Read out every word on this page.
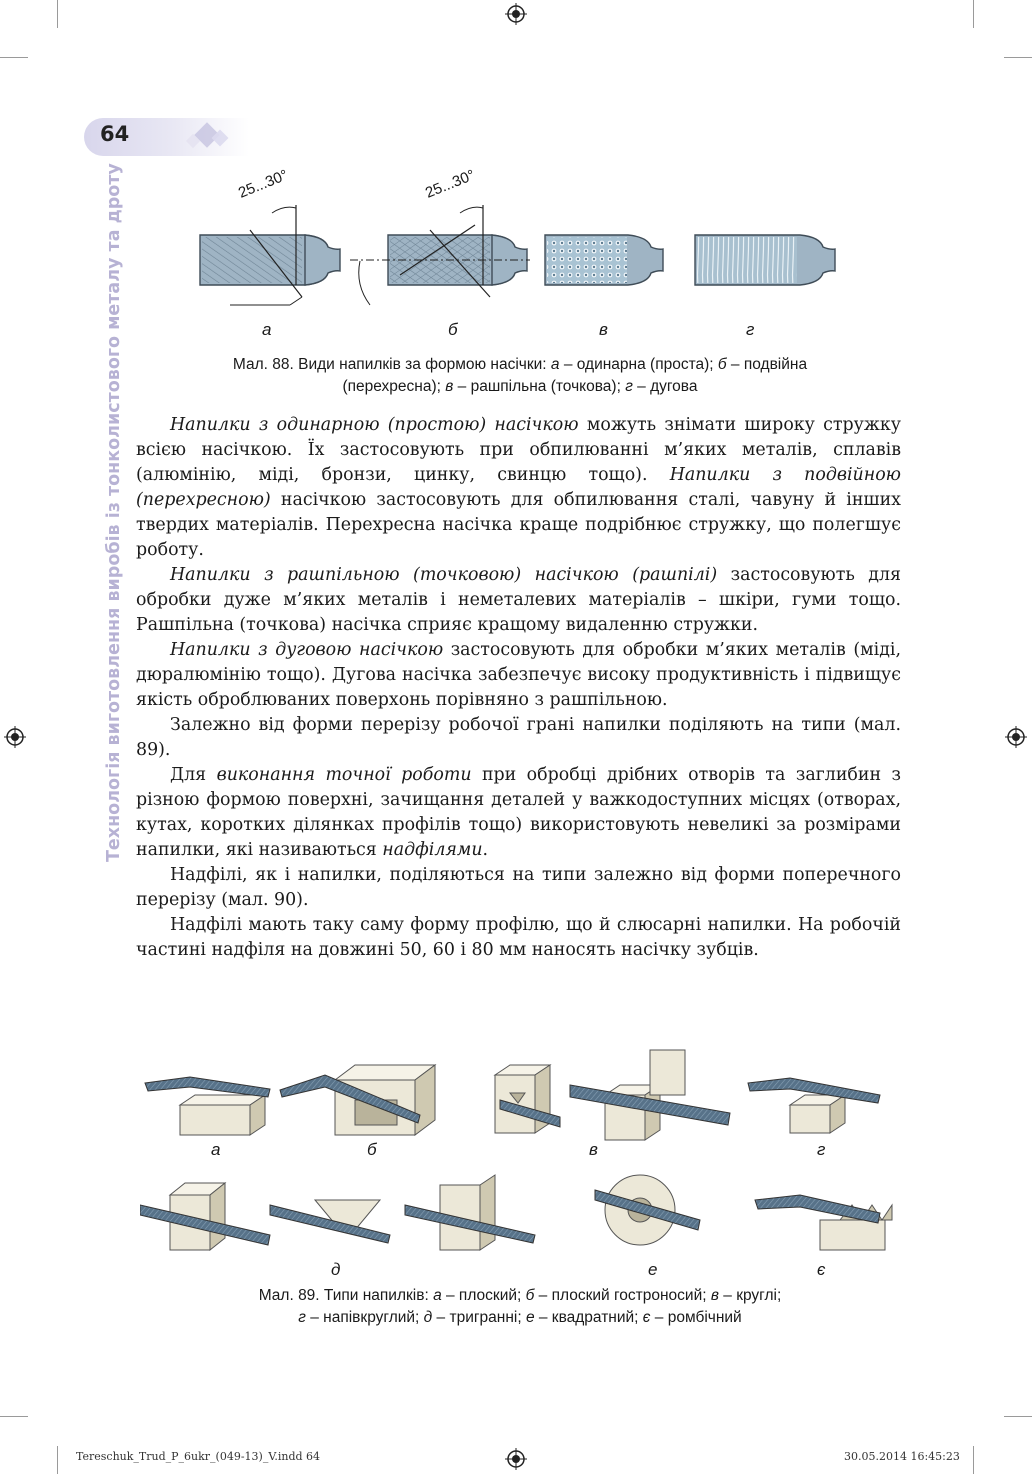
64
Технологія виготовлення виробів із тонколистового металу та дроту	25...30°	25...30°
а	б	в	г
Мал. 88. Види напилків за формою насічки: а – одинарна (проста); б – подвійна
(перехресна); в – рашпільна (точкова); г – дугова

Напилки з одинарною (простою) насічкою можуть знімати широку стружку всією насічкою. Їх застосовують при обпилюванні м’яких металів, сплавів (алюмінію, міді, бронзи, цинку, свинцю тощо). Напилки з подвійною (перехресною) насічкою застосовують для обпилювання сталі, чавуну й інших твердих матеріалів. Перехресна насічка краще подрібнює стружку, що полегшує роботу.

Напилки з рашпільною (точковою) насічкою (рашпілі) застосовують для обробки дуже м’яких металів і неметалевих матеріалів – шкіри, гуми тощо. Рашпільна (точкова) насічка сприяє кращому видаленню стружки.

Напилки з дуговою насічкою застосовують для обробки м’яких металів (міді, дюралюмінію тощо). Дугова насічка забезпечує високу продуктивність і підвищує якість оброблюваних поверхонь порівняно з рашпільною.

Залежно від форми перерізу робочої грані напилки поділяють на типи (мал. 89).

Для виконання точної роботи при обробці дрібних отворів та заглибин з різною формою поверхні, зачищання деталей у важкодоступних місцях (отворах, кутах, коротких ділянках профілів тощо) використовують невеликі за розмірами напилки, які називаються надфілями.

Надфілі, як і напилки, поділяються на типи залежно від форми поперечного перерізу (мал. 90).

Надфілі мають таку саму форму профілю, що й слюсарні напилки. На робочій частині надфіля на довжині 50, 60 і 80 мм наносять насічку зубців.

а	б	в	г
д	е	є
Мал. 89. Типи напилків: а – плоский; б – плоский гостроносий; в – круглі;
г – напівкруглий; д – тригранні; е – квадратний; є – ромбічний
Tereschuk_Trud_P_6ukr_(049-13)_V.indd 64	30.05.2014 16:45:23
